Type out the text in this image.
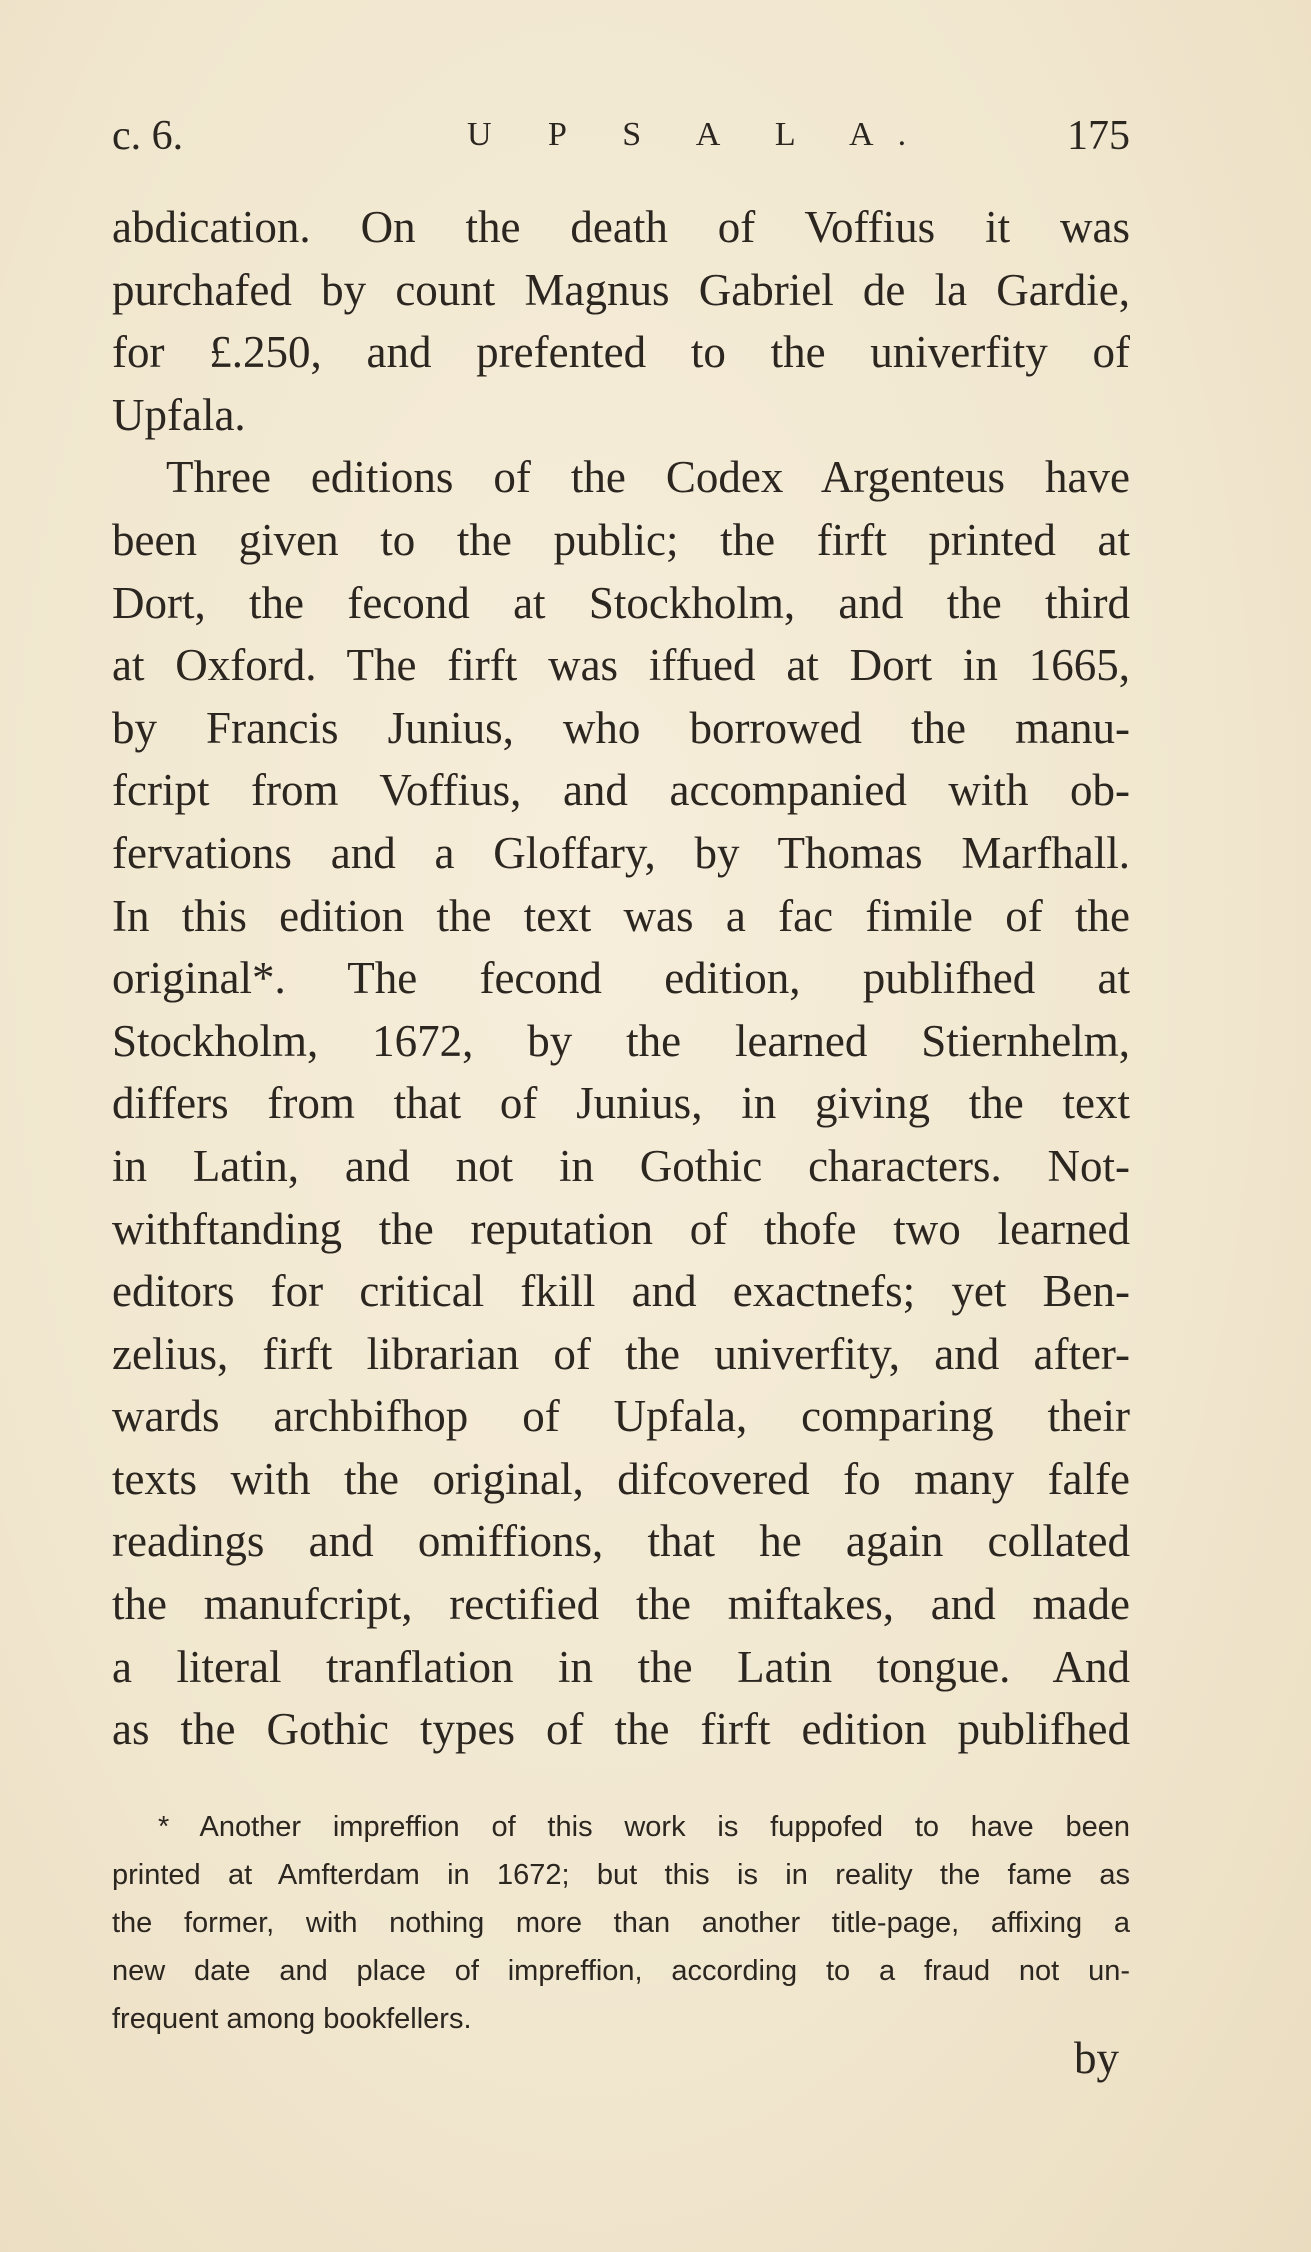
c. 6.	U P S A L A.	175
abdication. On the death of Voffius it was
purchafed by count Magnus Gabriel de la Gardie,
for £.250, and prefented to the univerfity of
Upfala.
Three editions of the Codex Argenteus have
been given to the public; the firft printed at
Dort, the fecond at Stockholm, and the third
at Oxford. The firft was iffued at Dort in 1665,
by Francis Junius, who borrowed the manu-
fcript from Voffius, and accompanied with ob-
fervations and a Gloffary, by Thomas Marfhall.
In this edition the text was a fac fimile of the
original*. The fecond edition, publifhed at
Stockholm, 1672, by the learned Stiernhelm,
differs from that of Junius, in giving the text
in Latin, and not in Gothic characters. Not-
withftanding the reputation of thofe two learned
editors for critical fkill and exactnefs; yet Ben-
zelius, firft librarian of the univerfity, and after-
wards archbifhop of Upfala, comparing their
texts with the original, difcovered fo many falfe
readings and omiffions, that he again collated
the manufcript, rectified the miftakes, and made
a literal tranflation in the Latin tongue. And
as the Gothic types of the firft edition publifhed
* Another impreffion of this work is fuppofed to have been
printed at Amfterdam in 1672; but this is in reality the fame as
the former, with nothing more than another title-page, affixing a
new date and place of impreffion, according to a fraud not un-
frequent among bookfellers.
by
